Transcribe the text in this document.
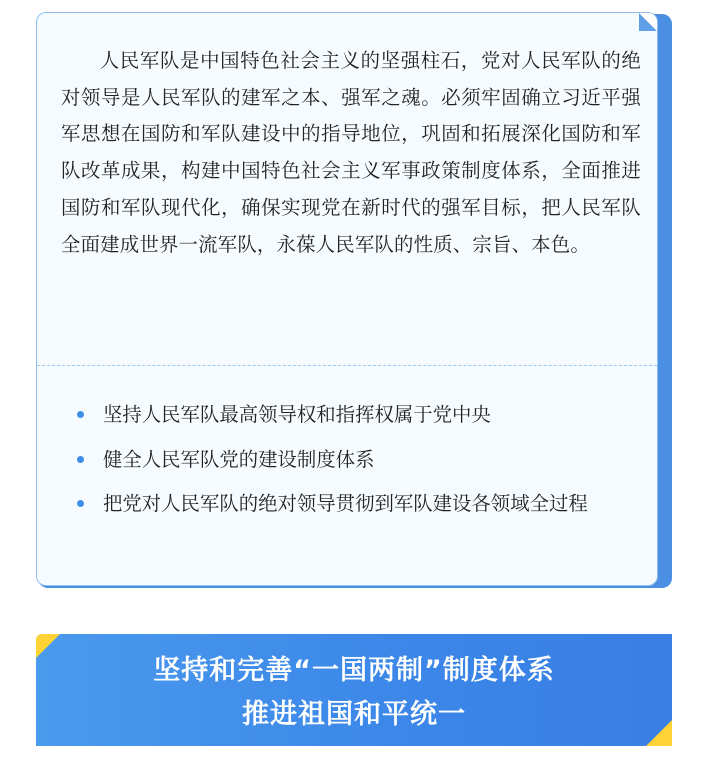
人民军队是中国特色社会主义的坚强柱石，党对人民军队的绝对领导是人民军队的建军之本、强军之魂。必须牢固确立习近平强军思想在国防和军队建设中的指导地位，巩固和拓展深化国防和军队改革成果，构建中国特色社会主义军事政策制度体系，全面推进国防和军队现代化，确保实现党在新时代的强军目标，把人民军队全面建成世界一流军队，永葆人民军队的性质、宗旨、本色。

坚持人民军队最高领导权和指挥权属于党中央
健全人民军队党的建设制度体系
把党对人民军队的绝对领导贯彻到军队建设各领域全过程
坚持和完善“一国两制”制度体系
推进祖国和平统一
